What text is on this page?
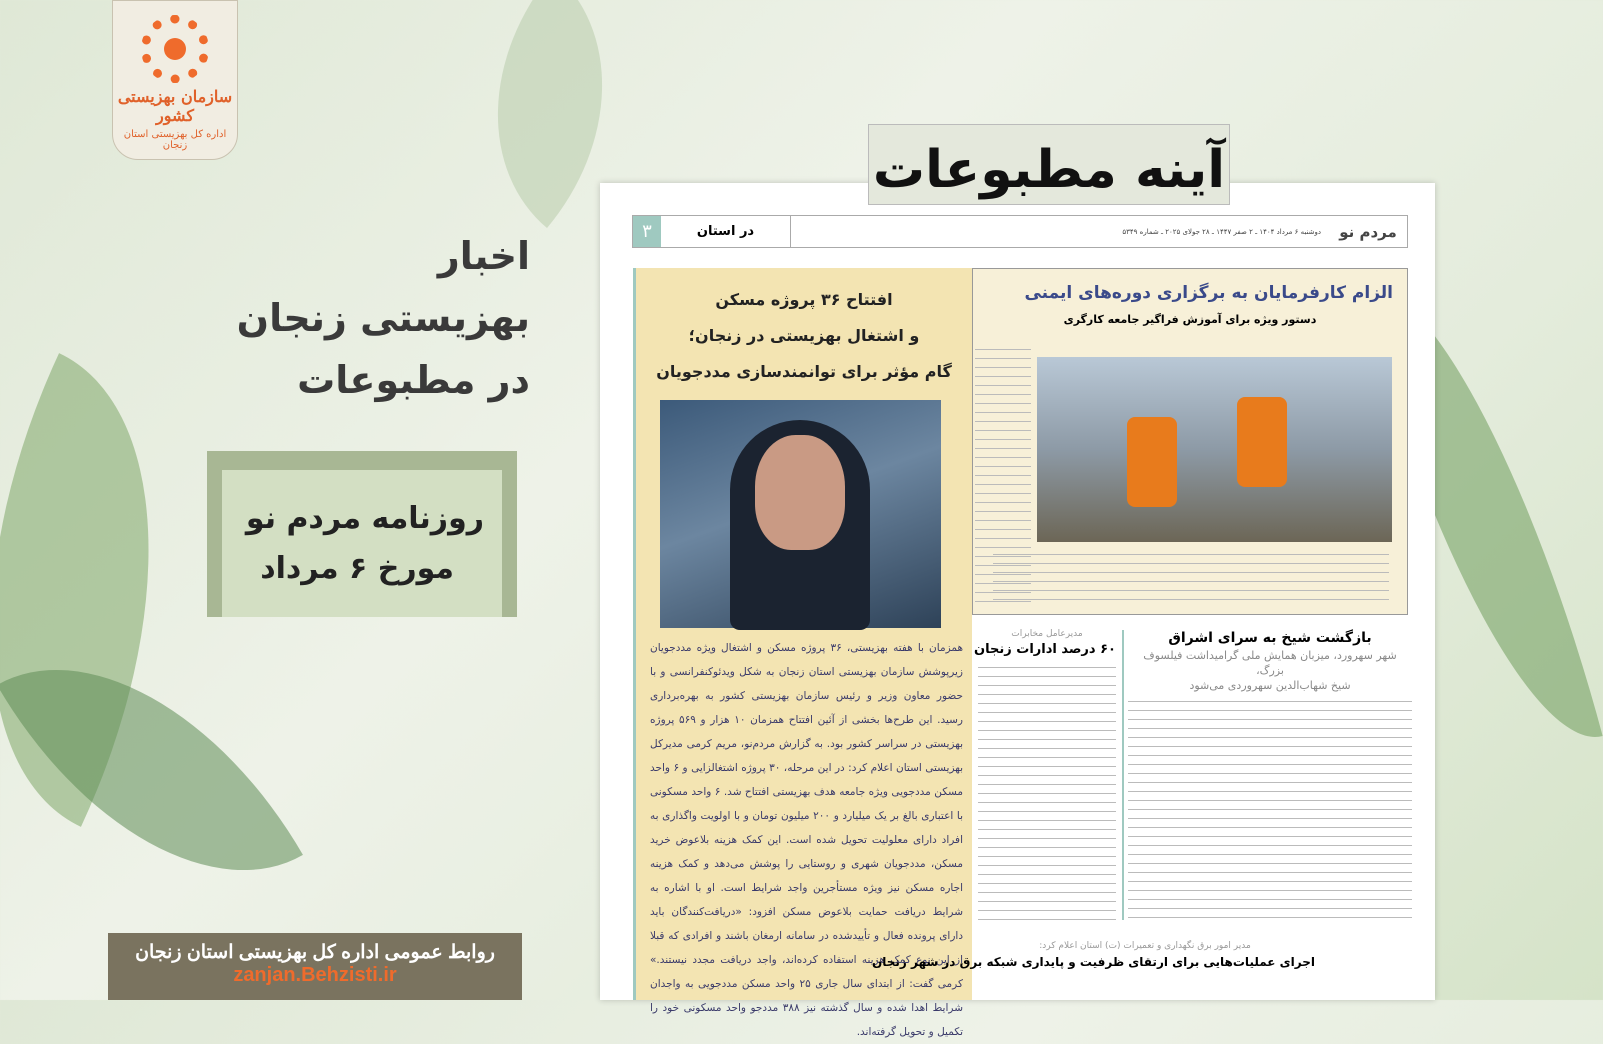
سازمان بهزیستی کشور
اداره کل بهزیستی استان زنجان
اخبار
بهزیستی زنجان
در مطبوعات
روزنامه مردم نو
مورخ ۶ مرداد
روابط عمومی اداره کل بهزیستی استان زنجان
zanjan.Behzisti.ir
آینه مطبوعات
مردم نو
دوشنبه ۶ مرداد ۱۴۰۴ ـ ۲ صفر ۱۴۴۷ ـ ۲۸ جولای ۲۰۲۵ ـ شماره ۵۳۴۹
در استان
۳
الزام کارفرمایان به برگزاری دوره‌های ایمنی
دستور ویژه برای آموزش فراگیر جامعه کارگری
افتتاح ۳۶ پروژه مسکن
و اشتغال بهزیستی در زنجان؛
گام مؤثر برای توانمندسازی مددجویان
همزمان با هفته بهزیستی، ۳۶ پروژه مسکن و اشتغال ویژه مددجویان زیرپوشش سازمان بهزیستی استان زنجان به شکل ویدئوکنفرانسی و با حضور معاون وزیر و رئیس سازمان بهزیستی کشور به بهره‌برداری رسید. این طرح‌ها بخشی از آئین افتتاح همزمان ۱۰ هزار و ۵۶۹ پروژه بهزیستی در سراسر کشور بود. به گزارش مردم‌نو، مریم کرمی مدیرکل بهزیستی استان اعلام کرد: در این مرحله، ۳۰ پروژه اشتغالزایی و ۶ واحد مسکن مددجویی ویژه جامعه هدف بهزیستی افتتاح شد. ۶ واحد مسکونی با اعتباری بالغ بر یک میلیارد و ۲۰۰ میلیون تومان و با اولویت واگذاری به افراد دارای معلولیت تحویل شده است. این کمک هزینه بلاعوض خرید مسکن، مددجویان شهری و روستایی را پوشش می‌دهد و کمک هزینه اجاره مسکن نیز ویژه مستأجرین واجد شرایط است. او با اشاره به شرایط دریافت حمایت بلاعوض مسکن افزود: «دریافت‌کنندگان باید دارای پرونده فعال و تأییدشده در سامانه ارمغان باشند و افرادی که قبلا از این نوع کمک هزینه استفاده کرده‌اند، واجد دریافت مجدد نیستند.» کرمی گفت: از ابتدای سال جاری ۲۵ واحد مسکن مددجویی به واجدان شرایط اهدا شده و سال گذشته نیز ۳۸۸ مددجو واحد مسکونی خود را تکمیل و تحویل گرفته‌اند.
مدیرعامل مخابرات
۶۰ درصد ادارات زنجان
بازگشت شیخ به سرای اشراق
شهر سهرورد، میزبان همایش ملی گرامیداشت فیلسوف بزرگ،
شیخ شهاب‌الدین سهروردی می‌شود
مدیر امور برق نگهداری و تعمیرات (ت) استان اعلام کرد:
اجرای عملیات‌هایی برای ارتقای ظرفیت و پایداری شبکه برق در شهر زنجان
